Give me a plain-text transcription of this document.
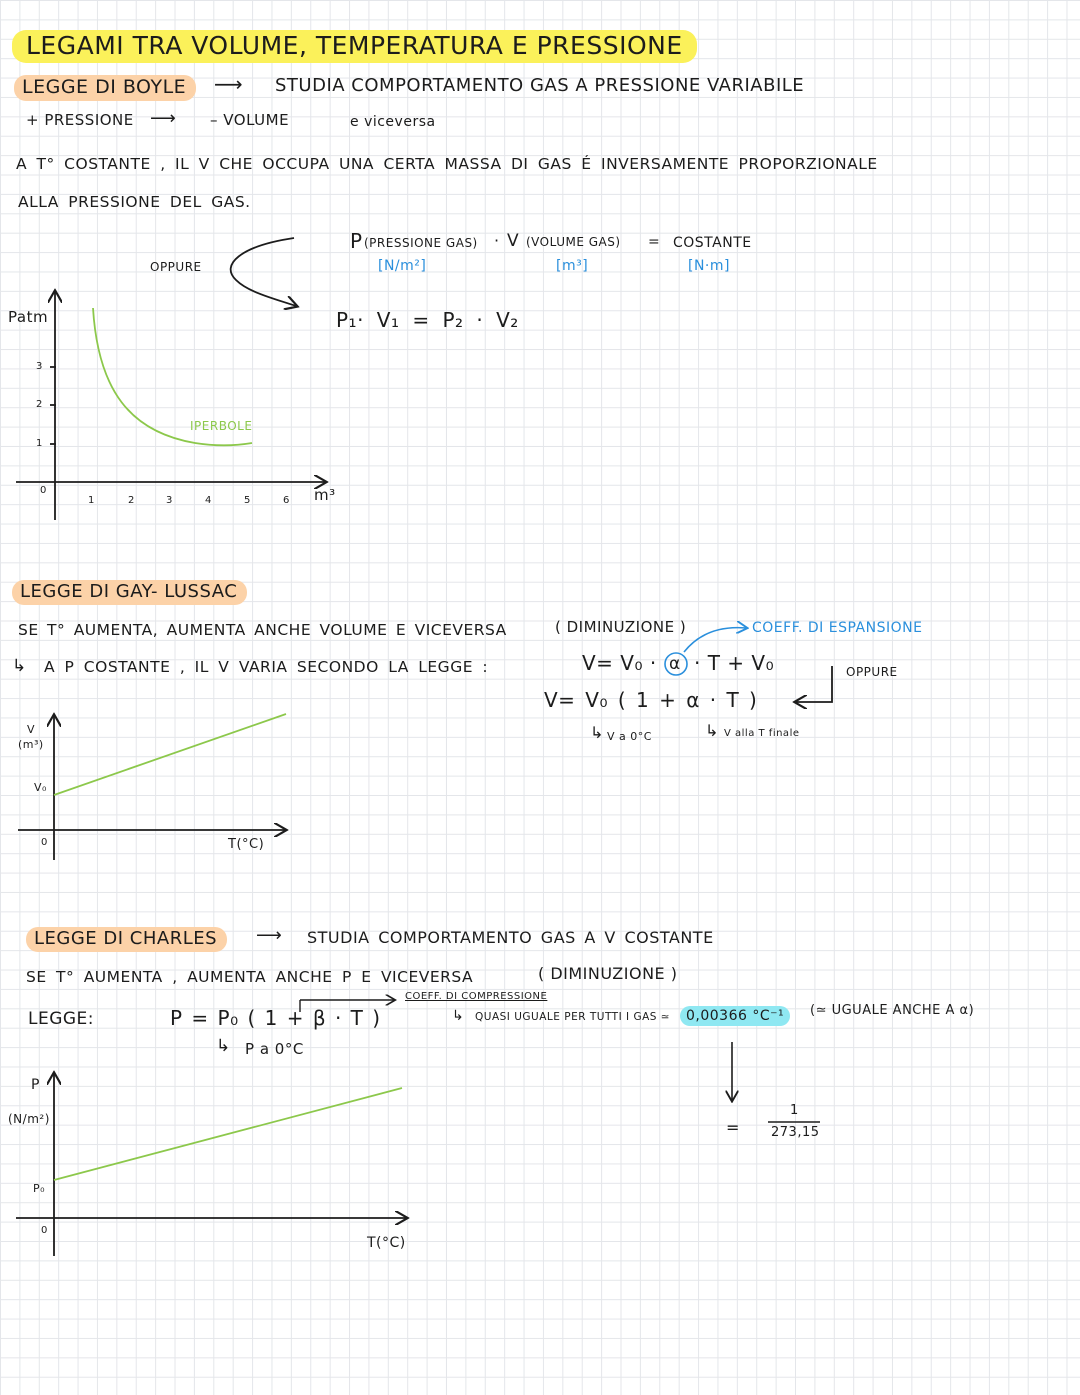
LEGAMI TRA VOLUME, TEMPERATURA E PRESSIONE
LEGGE DI BOYLE	⟶ STUDIA COMPORTAMENTO GAS A PRESSIONE VARIABILE
+ PRESSIONE ⟶ – VOLUME	e viceversa
A T° COSTANTE , IL V CHE OCCUPA UNA CERTA MASSA DI GAS É INVERSAMENTE PROPORZIONALE
ALLA PRESSIONE DEL GAS.
OPPURE
P (PRESSIONE GAS) · V (VOLUME GAS) = COSTANTE
[N/m²]	[m³]	[N·m]
P₁· V₁ = P₂ · V₂
Patm
3
2
1
0
1	2	3	4	5	6 m³
IPERBOLE
LEGGE DI GAY- LUSSAC
SE T° AUMENTA, AUMENTA ANCHE VOLUME E VICEVERSA	( DIMINUZIONE )	COEFF. DI ESPANSIONE
↳ A P COSTANTE , IL V VARIA SECONDO LA LEGGE :	V= V₀ · α · T + V₀	OPPURE
V= V₀ ( 1 + α · T )
↳ V a 0°C	↳ V alla T finale
V
(m³)
V₀
0	T(°C)
LEGGE DI CHARLES	⟶ STUDIA COMPORTAMENTO GAS A V COSTANTE
SE T° AUMENTA , AUMENTA ANCHE P E VICEVERSA	( DIMINUZIONE )
LEGGE:	P = P₀ ( 1 + β · T )
↳ P a 0°C
COEFF. DI COMPRESSIONE
↳ QUASI UGUALE PER TUTTI I GAS ≃	0,00366 °C⁻¹	(≃ UGUALE ANCHE A α)
=
1
273,15
P
(N/m²)
P₀
0
T(°C)
